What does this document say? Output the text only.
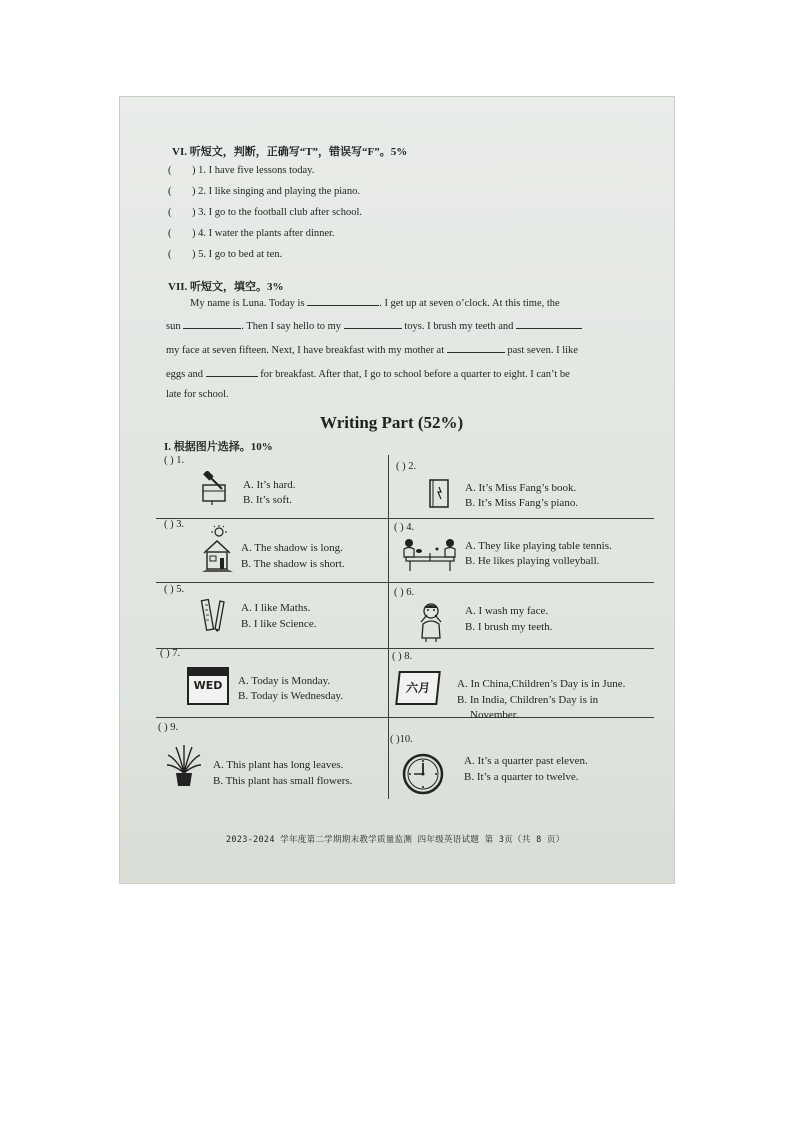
VI. 听短文，判断，正确写“T”，错误写“F”。5%
( ) 1. I have five lessons today.
( ) 2. I like singing and playing the piano.
( ) 3. I go to the football club after school.
( ) 4. I water the plants after dinner.
( ) 5. I go to bed at ten.
VII. 听短文，填空。3%
My name is Luna. Today is	. I get up at seven o’clock. At this time, the
sun	. Then I say hello to my	toys. I brush my teeth and
my face at seven fifteen. Next, I have breakfast with my mother at	past seven. I like
eggs and	for breakfast. After that, I go to school before a quarter to eight. I can’t be
late for school.
Writing Part (52%)
I. 根据图片选择。10%
( ) 1.
A. It’s hard.
B. It’s soft.
( ) 2.
A. It’s Miss Fang’s book.
B. It’s Miss Fang’s piano.
( ) 3.
A. The shadow is long.
B. The shadow is short.
( ) 4.
A. They like playing table tennis.
B. He likes playing volleyball.
( ) 5.
A. I like Maths.
B. I like Science.
( ) 6.
A. I wash my face.
B. I brush my teeth.
( ) 7.
WED	A. Today is Monday.
B. Today is Wednesday.
( ) 8.
六月	A. In China,Children’s Day is in June.
B. In India, Children’s Day is in
November.
( ) 9.
A. This plant has long leaves.
B. This plant has small flowers.
( )10.
A. It’s a quarter past eleven.
B. It’s a quarter to twelve.
2023-2024 学年度第二学期期末教学质量监测 四年级英语试题 第 3页（共 8 页）
